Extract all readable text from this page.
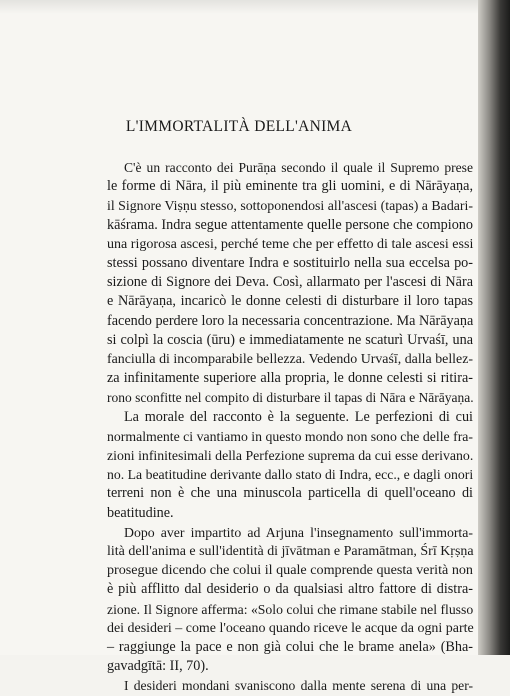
L'IMMORTALITÀ DELL'ANIMA

C'è un racconto dei Purāṇa secondo il quale il Supremo prese
le forme di Nāra, il più eminente tra gli uomini, e di Nārāyaṇa,
il Signore Viṣṇu stesso, sottoponendosi all'ascesi (tapas) a Badari-
kāśrama. Indra segue attentamente quelle persone che compiono
una rigorosa ascesi, perché teme che per effetto di tale ascesi essi
stessi possano diventare Indra e sostituirlo nella sua eccelsa po-
sizione di Signore dei Deva. Così, allarmato per l'ascesi di Nāra
e Nārāyaṇa, incaricò le donne celesti di disturbare il loro tapas
facendo perdere loro la necessaria concentrazione. Ma Nārāyaṇa
si colpì la coscia (ūru) e immediatamente ne scaturì Urvaśī, una
fanciulla di incomparabile bellezza. Vedendo Urvaśī, dalla bellez-
za infinitamente superiore alla propria, le donne celesti si ritira-
rono sconfitte nel compito di disturbare il tapas di Nāra e Nārāyaṇa.

La morale del racconto è la seguente. Le perfezioni di cui
normalmente ci vantiamo in questo mondo non sono che delle fra-
zioni infinitesimali della Perfezione suprema da cui esse derivano.
no. La beatitudine derivante dallo stato di Indra, ecc., e dagli onori
terreni non è che una minuscola particella di quell'oceano di
beatitudine.

Dopo aver impartito ad Arjuna l'insegnamento sull'immorta-
lità dell'anima e sull'identità di jīvātman e Paramātman, Śrī Kṛṣṇa
prosegue dicendo che colui il quale comprende questa verità non
è più afflitto dal desiderio o da qualsiasi altro fattore di distra-
zione. Il Signore afferma: «Solo colui che rimane stabile nel flusso
dei desideri – come l'oceano quando riceve le acque da ogni parte
– raggiunge la pace e non già colui che le brame anela» (Bha-
gavadgītā: II, 70).

I desideri mondani svaniscono dalla mente serena di una per-
